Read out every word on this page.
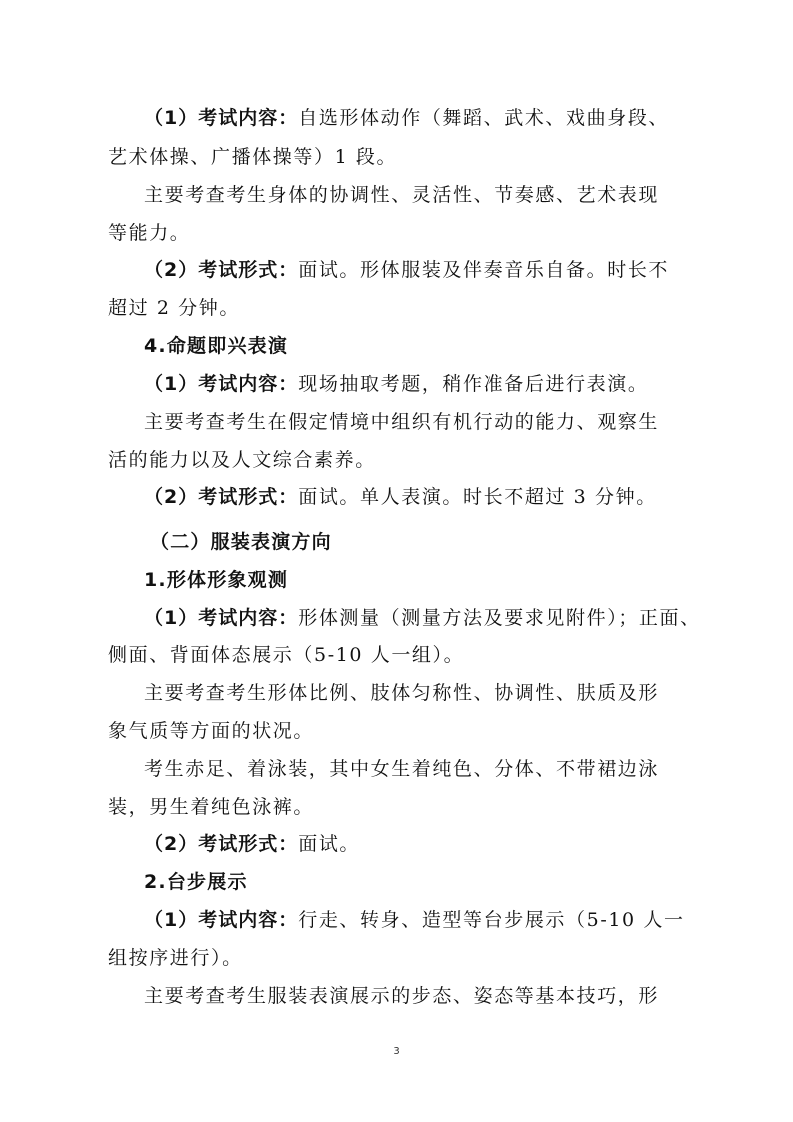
（1）考试内容：自选形体动作（舞蹈、武术、戏曲身段、
艺术体操、广播体操等）1 段。
主要考查考生身体的协调性、灵活性、节奏感、艺术表现
等能力。
（2）考试形式：面试。形体服装及伴奏音乐自备。时长不
超过 2 分钟。
4.命题即兴表演
（1）考试内容：现场抽取考题，稍作准备后进行表演。
主要考查考生在假定情境中组织有机行动的能力、观察生
活的能力以及人文综合素养。
（2）考试形式：面试。单人表演。时长不超过 3 分钟。
（二）服装表演方向
1.形体形象观测
（1）考试内容：形体测量（测量方法及要求见附件）；正面、
侧面、背面体态展示（5-10 人一组）。
主要考查考生形体比例、肢体匀称性、协调性、肤质及形
象气质等方面的状况。
考生赤足、着泳装，其中女生着纯色、分体、不带裙边泳
装，男生着纯色泳裤。
（2）考试形式：面试。
2.台步展示
（1）考试内容：行走、转身、造型等台步展示（5-10 人一
组按序进行）。
主要考查考生服装表演展示的步态、姿态等基本技巧，形
3
